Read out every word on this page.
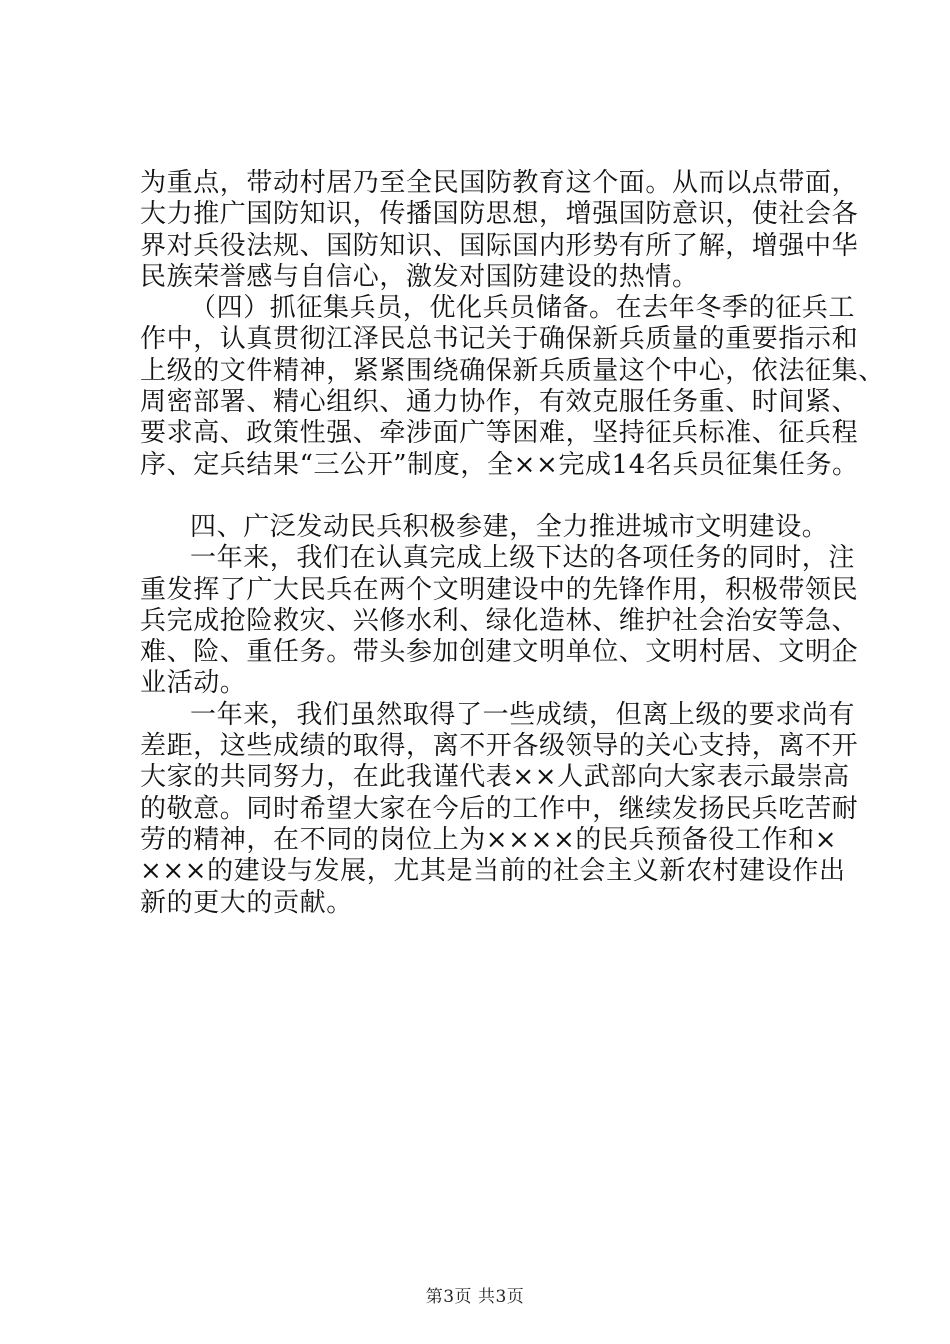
为重点，带动村居乃至全民国防教育这个面。从而以点带面，
大力推广国防知识，传播国防思想，增强国防意识，使社会各
界对兵役法规、国防知识、国际国内形势有所了解，增强中华
民族荣誉感与自信心，激发对国防建设的热情。
（四）抓征集兵员，优化兵员储备。在去年冬季的征兵工
作中，认真贯彻江泽民总书记关于确保新兵质量的重要指示和
上级的文件精神，紧紧围绕确保新兵质量这个中心，依法征集、
周密部署、精心组织、通力协作，有效克服任务重、时间紧、
要求高、政策性强、牵涉面广等困难，坚持征兵标准、征兵程
序、定兵结果“三公开”制度，全××完成14名兵员征集任务。
四、广泛发动民兵积极参建，全力推进城市文明建设。
一年来，我们在认真完成上级下达的各项任务的同时，注
重发挥了广大民兵在两个文明建设中的先锋作用，积极带领民
兵完成抢险救灾、兴修水利、绿化造林、维护社会治安等急、
难、险、重任务。带头参加创建文明单位、文明村居、文明企
业活动。
一年来，我们虽然取得了一些成绩，但离上级的要求尚有
差距，这些成绩的取得，离不开各级领导的关心支持，离不开
大家的共同努力，在此我谨代表××人武部向大家表示最崇高
的敬意。同时希望大家在今后的工作中，继续发扬民兵吃苦耐
劳的精神，在不同的岗位上为××××的民兵预备役工作和×
×××的建设与发展，尤其是当前的社会主义新农村建设作出
新的更大的贡献。
第3页 共3页
